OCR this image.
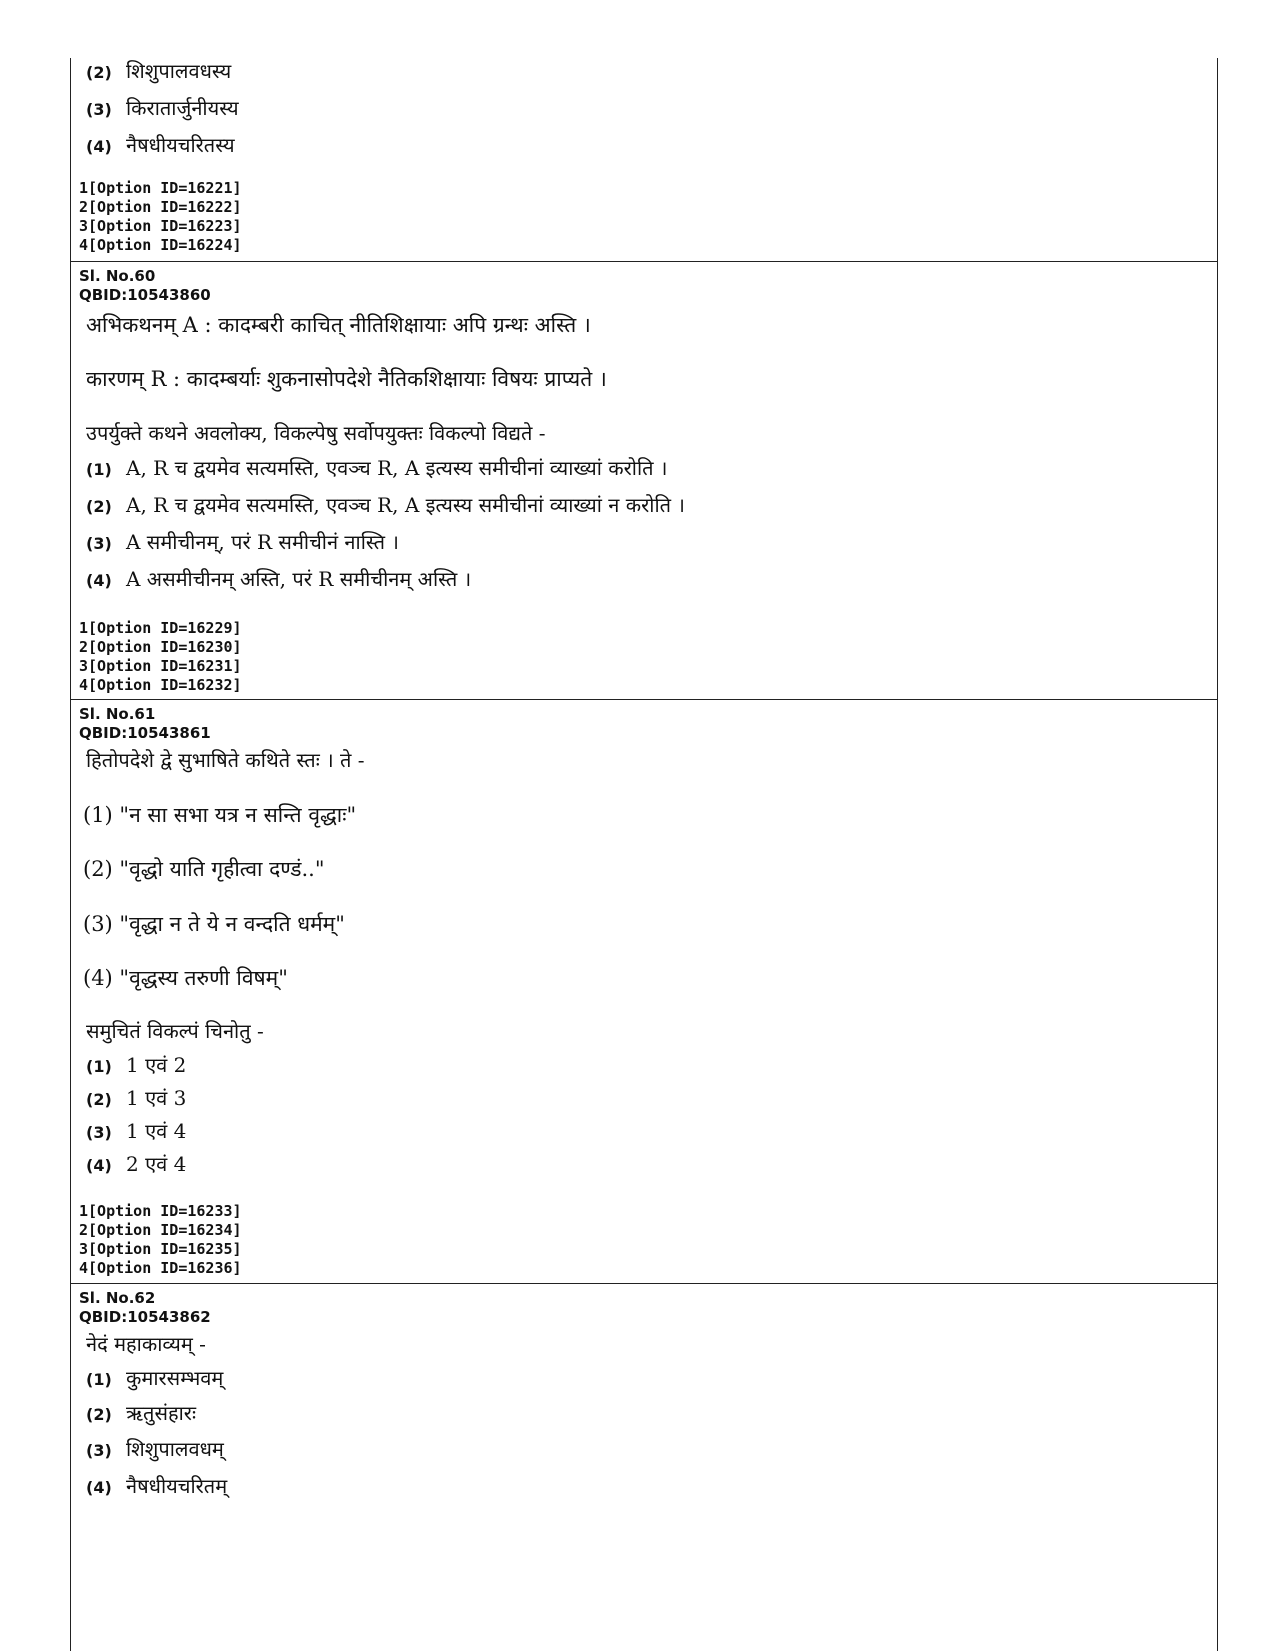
(2) शिशुपालवधस्य
(3) किरातार्जुनीयस्य
(4) नैषधीयचरितस्य
1[Option ID=16221]
2[Option ID=16222]
3[Option ID=16223]
4[Option ID=16224]
Sl. No.60
QBID:10543860
अभिकथनम् A : कादम्बरी काचित् नीतिशिक्षायाः अपि ग्रन्थः अस्ति ।
कारणम् R : कादम्बर्याः शुकनासोपदेशे नैतिकशिक्षायाः विषयः प्राप्यते ।
उपर्युक्ते कथने अवलोक्य, विकल्पेषु सर्वोपयुक्तः विकल्पो विद्यते -
(1) A, R च द्वयमेव सत्यमस्ति, एवञ्च R, A इत्यस्य समीचीनां व्याख्यां करोति ।
(2) A, R च द्वयमेव सत्यमस्ति, एवञ्च R, A इत्यस्य समीचीनां व्याख्यां न करोति ।
(3) A समीचीनम्, परं R समीचीनं नास्ति ।
(4) A असमीचीनम् अस्ति, परं R समीचीनम् अस्ति ।
1[Option ID=16229]
2[Option ID=16230]
3[Option ID=16231]
4[Option ID=16232]
Sl. No.61
QBID:10543861
हितोपदेशे द्वे सुभाषिते कथिते स्तः । ते -
(1) "न सा सभा यत्र न सन्ति वृद्धाः"
(2) "वृद्धो याति गृहीत्वा दण्डं.."
(3) "वृद्धा न ते ये न वन्दति धर्मम्"
(4) "वृद्धस्य तरुणी विषम्"
समुचितं विकल्पं चिनोतु -
(1) 1 एवं 2
(2) 1 एवं 3
(3) 1 एवं 4
(4) 2 एवं 4
1[Option ID=16233]
2[Option ID=16234]
3[Option ID=16235]
4[Option ID=16236]
Sl. No.62
QBID:10543862
नेदं महाकाव्यम् -
(1) कुमारसम्भवम्
(2) ऋतुसंहारः
(3) शिशुपालवधम्
(4) नैषधीयचरितम्
